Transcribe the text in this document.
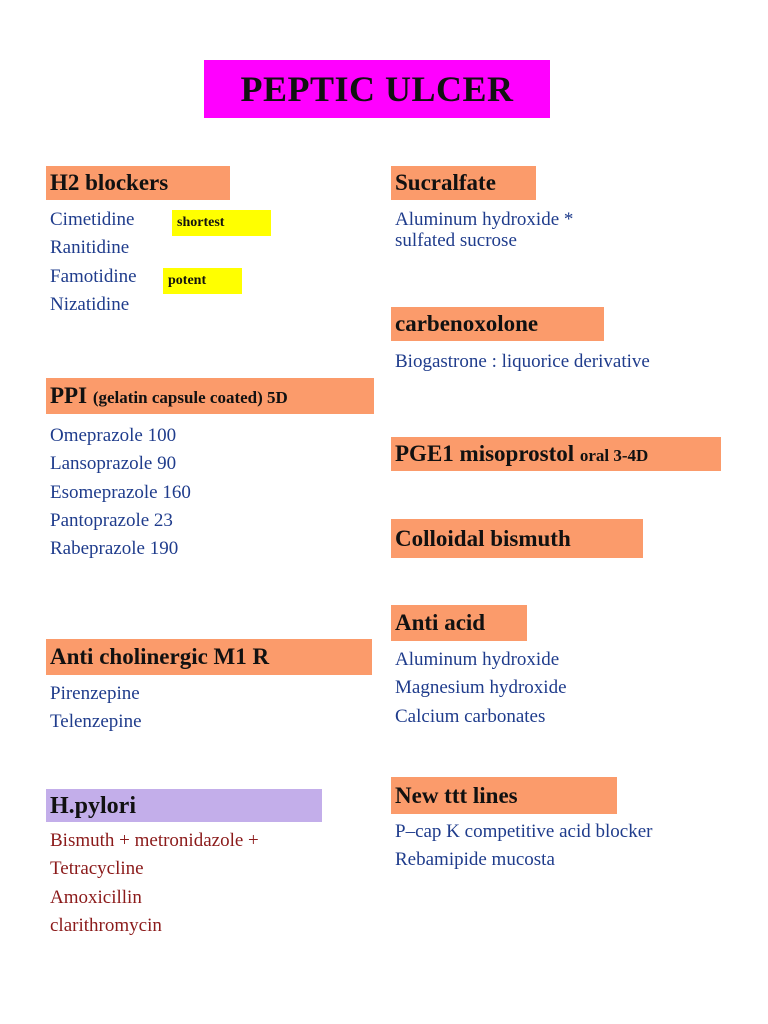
PEPTIC ULCER
H2 blockers
Cimetidine
Ranitidine
Famotidine
Nizatidine
shortest
potent
PPI (gelatin capsule coated) 5D
Omeprazole 100
Lansoprazole 90
Esomeprazole 160
Pantoprazole 23
Rabeprazole 190
Anti cholinergic M1 R
Pirenzepine
Telenzepine
H.pylori
Bismuth + metronidazole +
Tetracycline
Amoxicillin
clarithromycin
Sucralfate
Aluminum hydroxide *
sulfated sucrose
carbenoxolone
Biogastrone : liquorice derivative
PGE1 misoprostol oral 3-4D
Colloidal bismuth
Anti acid
Aluminum hydroxide
Magnesium hydroxide
Calcium carbonates
New ttt lines
P–cap K competitive acid blocker
Rebamipide mucosta
